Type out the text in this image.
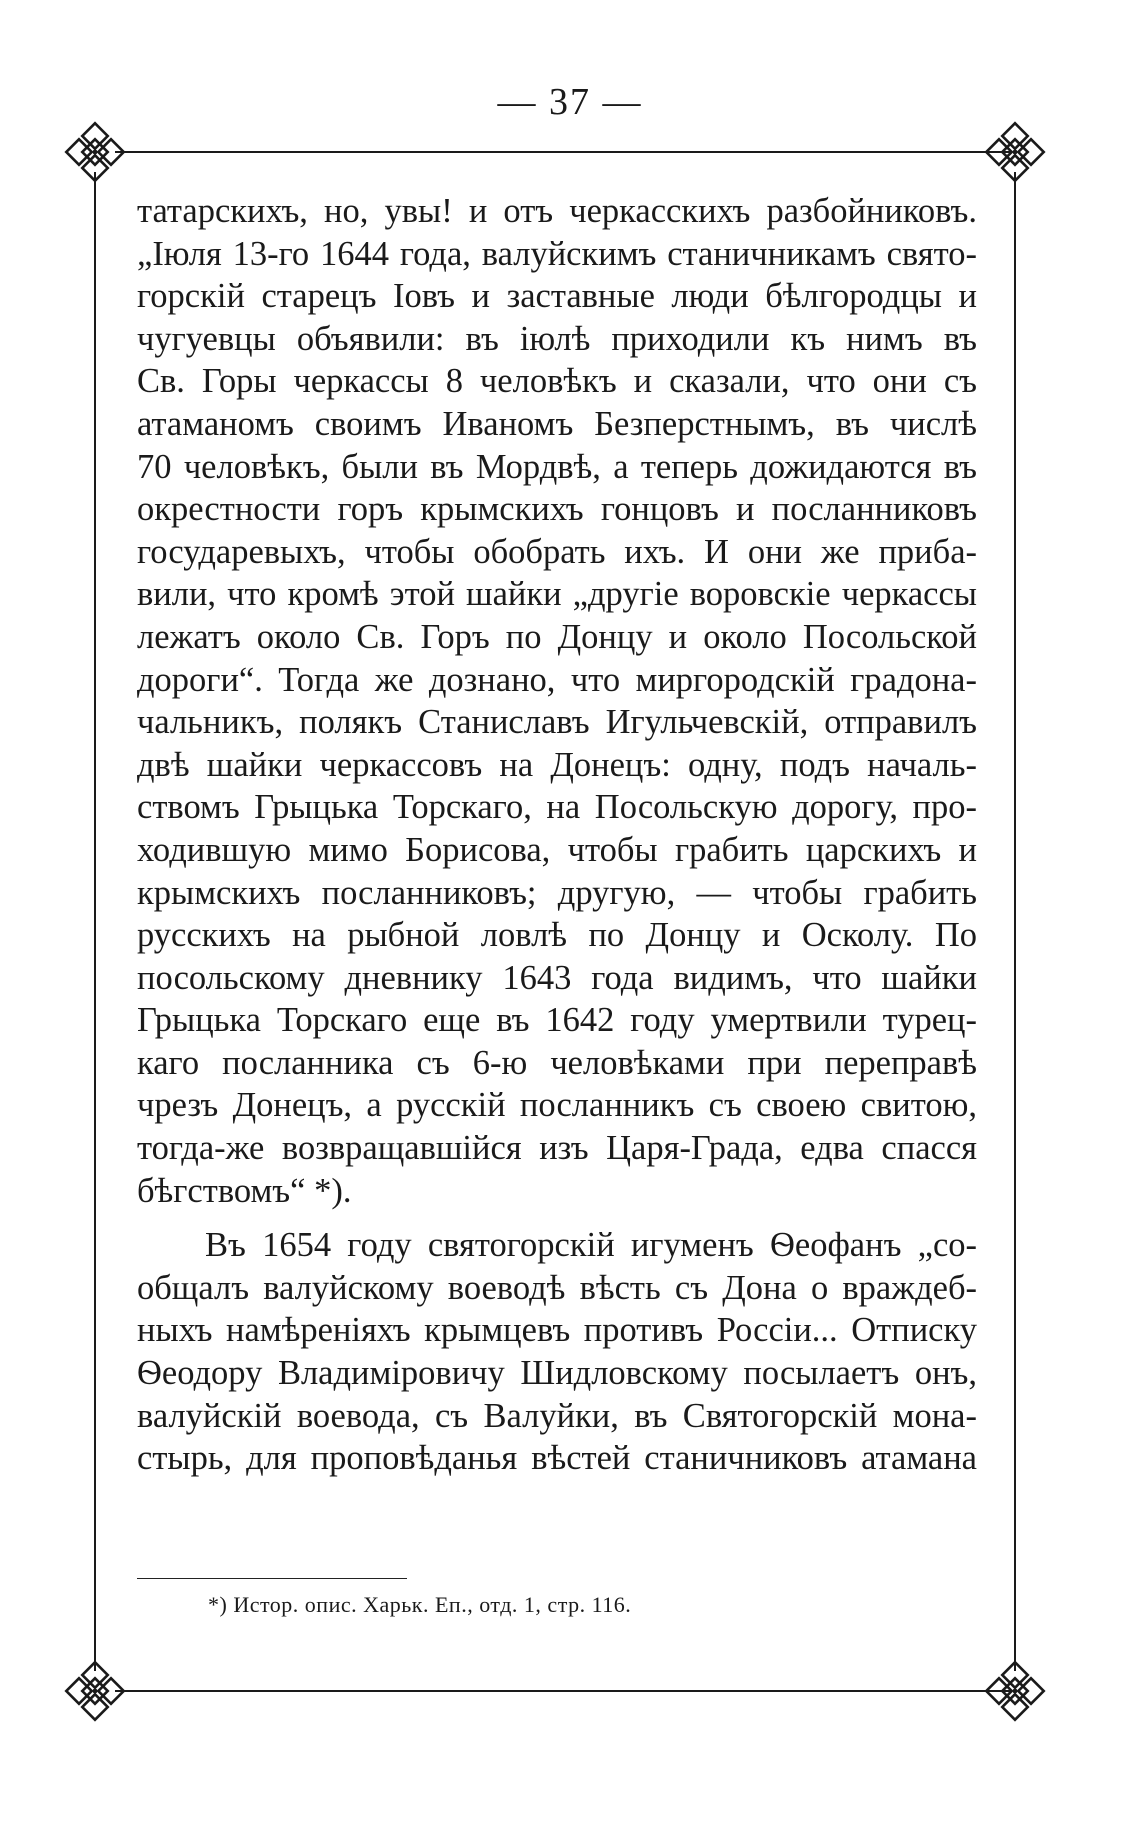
— 37 —
татарскихъ, но, увы! и отъ черкасскихъ разбойниковъ.
„Іюля 13-го 1644 года, валуйскимъ станичникамъ свято-
горскій старецъ Іовъ и заставные люди бѣлгородцы и
чугуевцы объявили: въ іюлѣ приходили къ нимъ въ
Св. Горы черкассы 8 человѣкъ и сказали, что они съ
атаманомъ своимъ Иваномъ Безперстнымъ, въ числѣ
70 человѣкъ, были въ Мордвѣ, а теперь дожидаются въ
окрестности горъ крымскихъ гонцовъ и посланниковъ
государевыхъ, чтобы обобрать ихъ. И они же приба-
вили, что кромѣ этой шайки „другіе воровскіе черкассы
лежатъ около Св. Горъ по Донцу и около Посольской
дороги“. Тогда же дознано, что миргородскій градона-
чальникъ, полякъ Станиславъ Игульчевскій, отправилъ
двѣ шайки черкассовъ на Донецъ: одну, подъ началь-
ствомъ Грыцька Торскаго, на Посольскую дорогу, про-
ходившую мимо Борисова, чтобы грабить царскихъ и
крымскихъ посланниковъ; другую, — чтобы грабить
русскихъ на рыбной ловлѣ по Донцу и Осколу. По
посольскому дневнику 1643 года видимъ, что шайки
Грыцька Торскаго еще въ 1642 году умертвили турец-
каго посланника съ 6-ю человѣками при переправѣ
чрезъ Донецъ, а русскій посланникъ съ своею свитою,
тогда-же возвращавшійся изъ Царя-Града, едва спасся
бѣгствомъ“ *).
Въ 1654 году святогорскій игуменъ Ѳеофанъ „со-
общалъ валуйскому воеводѣ вѣсть съ Дона о враждеб-
ныхъ намѣреніяхъ крымцевъ противъ Россіи... Отписку
Ѳеодору Владиміровичу Шидловскому посылаетъ онъ,
валуйскій воевода, съ Валуйки, въ Святогорскій мона-
стырь, для проповѣданья вѣстей станичниковъ атамана
*) Истор. опис. Харьк. Еп., отд. 1, стр. 116.
